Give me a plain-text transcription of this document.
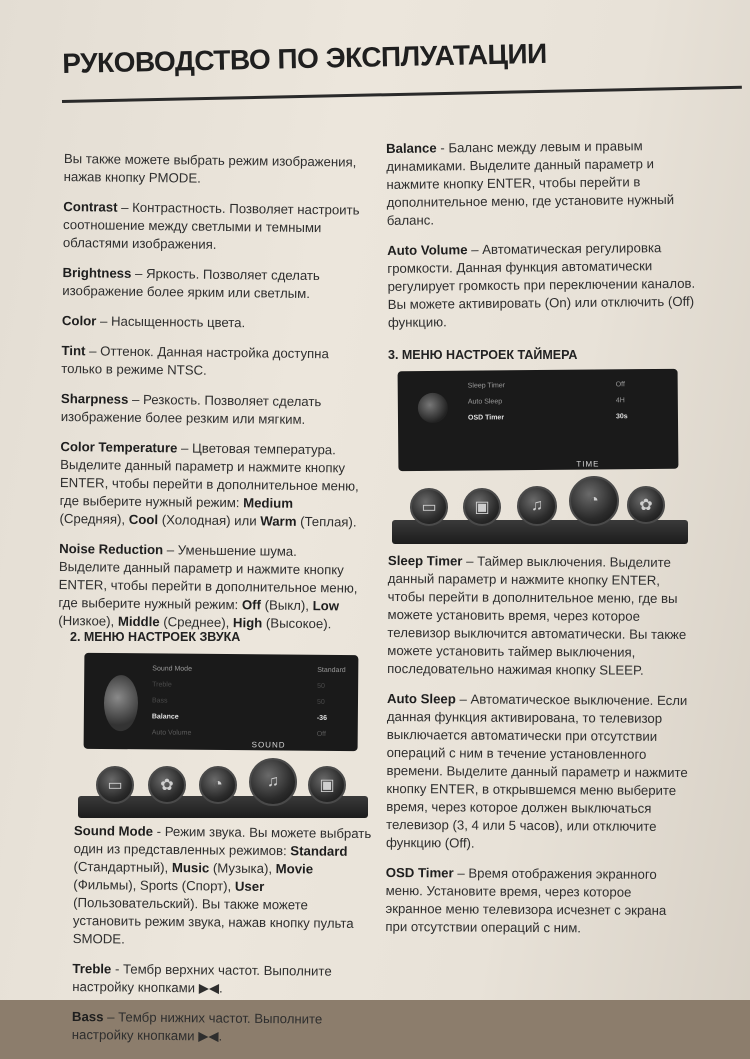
РУКОВОДСТВО ПО ЭКСПЛУАТАЦИИ

Вы также можете выбрать режим изображения, нажав кнопку PMODE.

Contrast – Контрастность. Позволяет настроить соотношение между светлыми и темными областями изображения.

Brightness – Яркость. Позволяет сделать изображение более ярким или светлым.

Color – Насыщенность цвета.

Tint – Оттенок. Данная настройка доступна только в режиме NTSC.

Sharpness – Резкость. Позволяет сделать изображение более резким или мягким.

Color Temperature – Цветовая температура. Выделите данный параметр и нажмите кнопку ENTER, чтобы перейти в дополнительное меню, где выберите нужный режим: Medium (Средняя), Cool (Холодная) или Warm (Теплая).

Noise Reduction – Уменьшение шума. Выделите данный параметр и нажмите кнопку ENTER, чтобы перейти в дополнительное меню, где выберите нужный режим: Off (Выкл), Low (Низкое), Middle (Среднее), High (Высокое).

2. МЕНЮ НАСТРОЕК ЗВУКА
Sound Mode	Standard
Treble	50
Bass	50
Balance	-36
Auto Volume	Off
SOUND
▭	✿	◔	♫	▣

Sound Mode - Режим звука. Вы можете выбрать один из представленных режимов: Standard (Стандартный), Music (Музыка), Movie (Фильмы), Sports (Спорт), User (Пользовательский). Вы также можете установить режим звука, нажав кнопку пульта SMODE.

Treble - Тембр верхних частот. Выполните настройку кнопками ▶◀.

Bass – Тембр нижних частот. Выполните настройку кнопками ▶◀.

Balance - Баланс между левым и правым динамиками. Выделите данный параметр и нажмите кнопку ENTER, чтобы перейти в дополнительное меню, где установите нужный баланс.

Auto Volume – Автоматическая регулировка громкости. Данная функция автоматически регулирует громкость при переключении каналов. Вы можете активировать (On) или отключить (Off) функцию.

3. МЕНЮ НАСТРОЕК ТАЙМЕРА
Sleep Timer	Off
Auto Sleep	4H
OSD Timer	30s
TIME
▭	▣	♫	◔	✿

Sleep Timer – Таймер выключения. Выделите данный параметр и нажмите кнопку ENTER, чтобы перейти в дополнительное меню, где вы можете установить время, через которое телевизор выключится автоматически. Вы также можете установить таймер выключения, последовательно нажимая кнопку SLEEP.

Auto Sleep – Автоматическое выключение. Если данная функция активирована, то телевизор выключается автоматически при отсутствии операций с ним в течение установленного времени. Выделите данный параметр и нажмите кнопку ENTER, в открывшемся меню выберите время, через которое должен выключаться телевизор (3, 4 или 5 часов), или отключите функцию (Off).

OSD Timer – Время отображения экранного меню. Установите время, через которое экранное меню телевизора исчезнет с экрана при отсутствии операций с ним.
